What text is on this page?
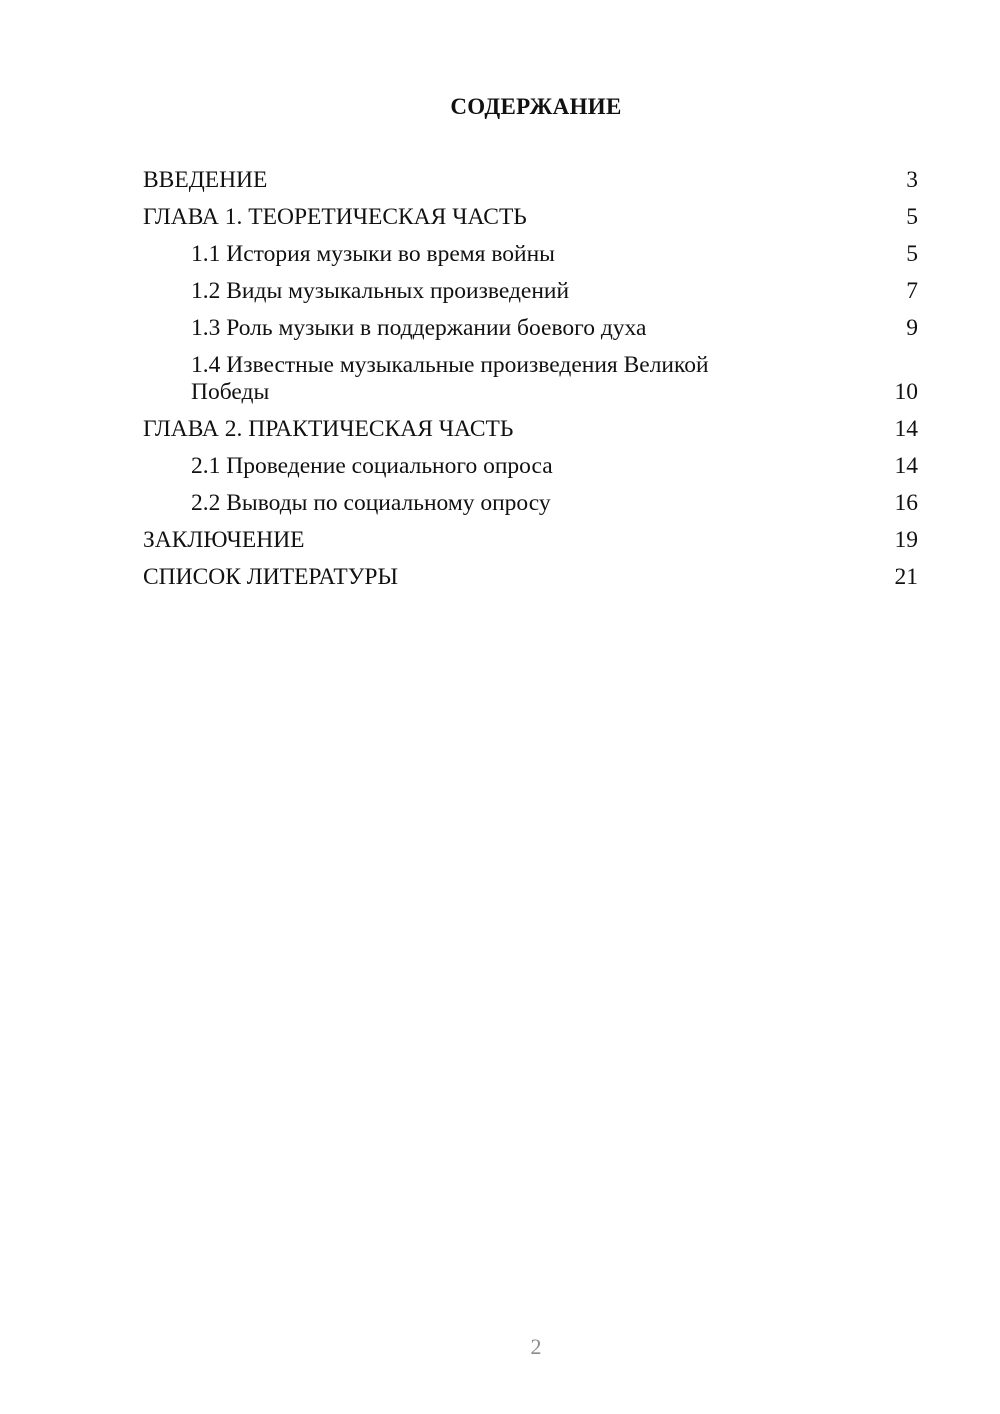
СОДЕРЖАНИЕ
ВВЕДЕНИЕ	3
ГЛАВА 1. ТЕОРЕТИЧЕСКАЯ ЧАСТЬ	5
1.1 История музыки во время войны	5
1.2 Виды музыкальных произведений	7
1.3 Роль музыки в поддержании боевого духа	9
1.4 Известные музыкальные произведения Великой Победы	10
ГЛАВА 2. ПРАКТИЧЕСКАЯ ЧАСТЬ	14
2.1 Проведение социального опроса	14
2.2 Выводы по социальному опросу	16
ЗАКЛЮЧЕНИЕ	19
СПИСОК ЛИТЕРАТУРЫ	21
2
